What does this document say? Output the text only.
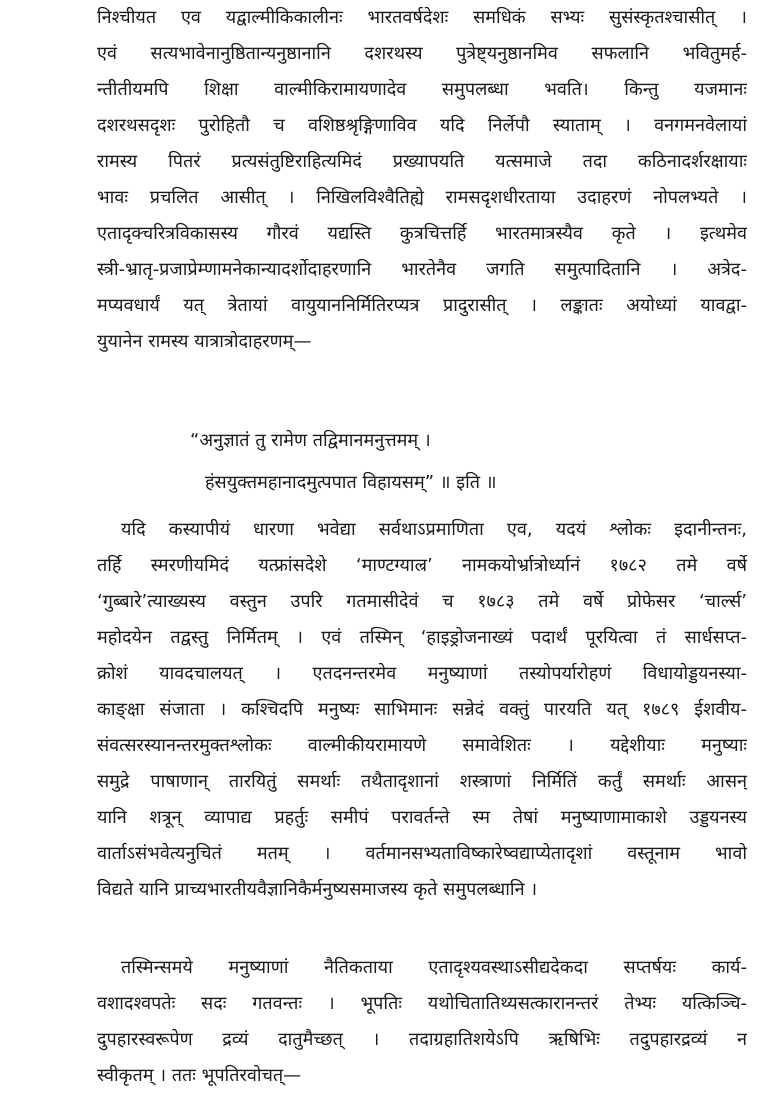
निश्चीयत एव यद्वाल्मीकिकालीनः भारतवर्षदेशः समधिकं सभ्यः सुसंस्कृतश्चासीत् ।
एवं सत्यभावेनानुष्ठितान्यनुष्ठानानि दशरथस्य पुत्रेष्ट्यनुष्ठानमिव सफलानि भवितुमर्ह-
न्तीतीयमपि शिक्षा वाल्मीकिरामायणादेव समुपलब्धा भवति। किन्तु यजमानः
दशरथसदृशः पुरोहितौ च वशिष्ठश्रृङ्गिणाविव यदि निर्लेपौ स्याताम् । वनगमनवेलायां
रामस्य पितरं प्रत्यसंतुष्टिराहित्यमिदं प्रख्यापयति यत्समाजे तदा कठिनादर्शरक्षायाः
भावः प्रचलित आसीत् । निखिलविश्वैतिह्ये रामसदृशधीरताया उदाहरणं नोपलभ्यते ।
एतादृक्चरित्रविकासस्य गौरवं यद्यस्ति कुत्रचित्तर्हि भारतमात्रस्यैव कृते । इत्थमेव
स्त्री-भ्रातृ-प्रजाप्रेम्णामनेकान्यादर्शोदाहरणानि भारतेनैव जगति समुत्पादितानि । अत्रेद-
मप्यवधार्यं यत् त्रेतायां वायुयाननिर्मितिरप्यत्र प्रादुरासीत् । लङ्कातः अयोध्यां यावद्वा-
युयानेन रामस्य यात्रात्रोदाहरणम्—
“अनुज्ञातं तु रामेण तद्विमानमनुत्तमम् ।
हंसयुक्तमहानादमुत्पपात विहायसम्” ॥ इति ॥
यदि कस्यापीयं धारणा भवेद्या सर्वथाऽप्रमाणिता एव, यदयं श्लोकः इदानीन्तनः,
तर्हि स्मरणीयमिदं यत्फ्रांसदेशे ‘माण्टग्याल्र’ नामकयोर्भ्रात्रोर्ध्यानं १७८२ तमे वर्षे
‘गुब्बारे’त्याख्यस्य वस्तुन उपरि गतमासीदेवं च १७८३ तमे वर्षे प्रोफेसर ‘चार्ल्स’
महोदयेन तद्वस्तु निर्मितम् । एवं तस्मिन् ‘हाइड्रोजनाख्यं पदार्थं पूरयित्वा तं सार्धसप्त-
क्रोशं यावदचालयत् । एतदनन्तरमेव मनुष्याणां तस्योपर्यारोहणं विधायोड्डयनस्या-
काङ्क्षा संजाता । कश्चिदपि मनुष्यः साभिमानः सन्नेदं वक्तुं पारयति यत् १७८९ ईशवीय-
संवत्सरस्यानन्तरमुक्तश्लोकः वाल्मीकीयरामायणे समावेशितः । यद्देशीयाः मनुष्याः
समुद्रे पाषाणान् तारयितुं समर्थाः तथैतादृशानां शस्त्राणां निर्मितिं कर्तुं समर्थाः आसन्
यानि शत्रून् व्यापाद्य प्रहर्तुः समीपं परावर्तन्ते स्म तेषां मनुष्याणामाकाशे उड्डयनस्य
वार्ताऽसंभवेत्यनुचितं मतम् । वर्तमानसभ्यताविष्कारेष्वद्याप्येतादृशां वस्तूनाम भावो
विद्यते यानि प्राच्यभारतीयवैज्ञानिकैर्मनुष्यसमाजस्य कृते समुपलब्धानि ।
तस्मिन्समये मनुष्याणां नैतिकताया एतादृश्यवस्थाऽसीद्यदेकदा सप्तर्षयः कार्य-
वशादश्वपतेः सदः गतवन्तः । भूपतिः यथोचितातिथ्यसत्कारानन्तरं तेभ्यः यत्किञ्चि-
दुपहारस्वरूपेण द्रव्यं दातुमैच्छत् । तदाग्रहातिशयेऽपि ऋषिभिः तदुपहारद्रव्यं न
स्वीकृतम् । ततः भूपतिरवोचत्—
